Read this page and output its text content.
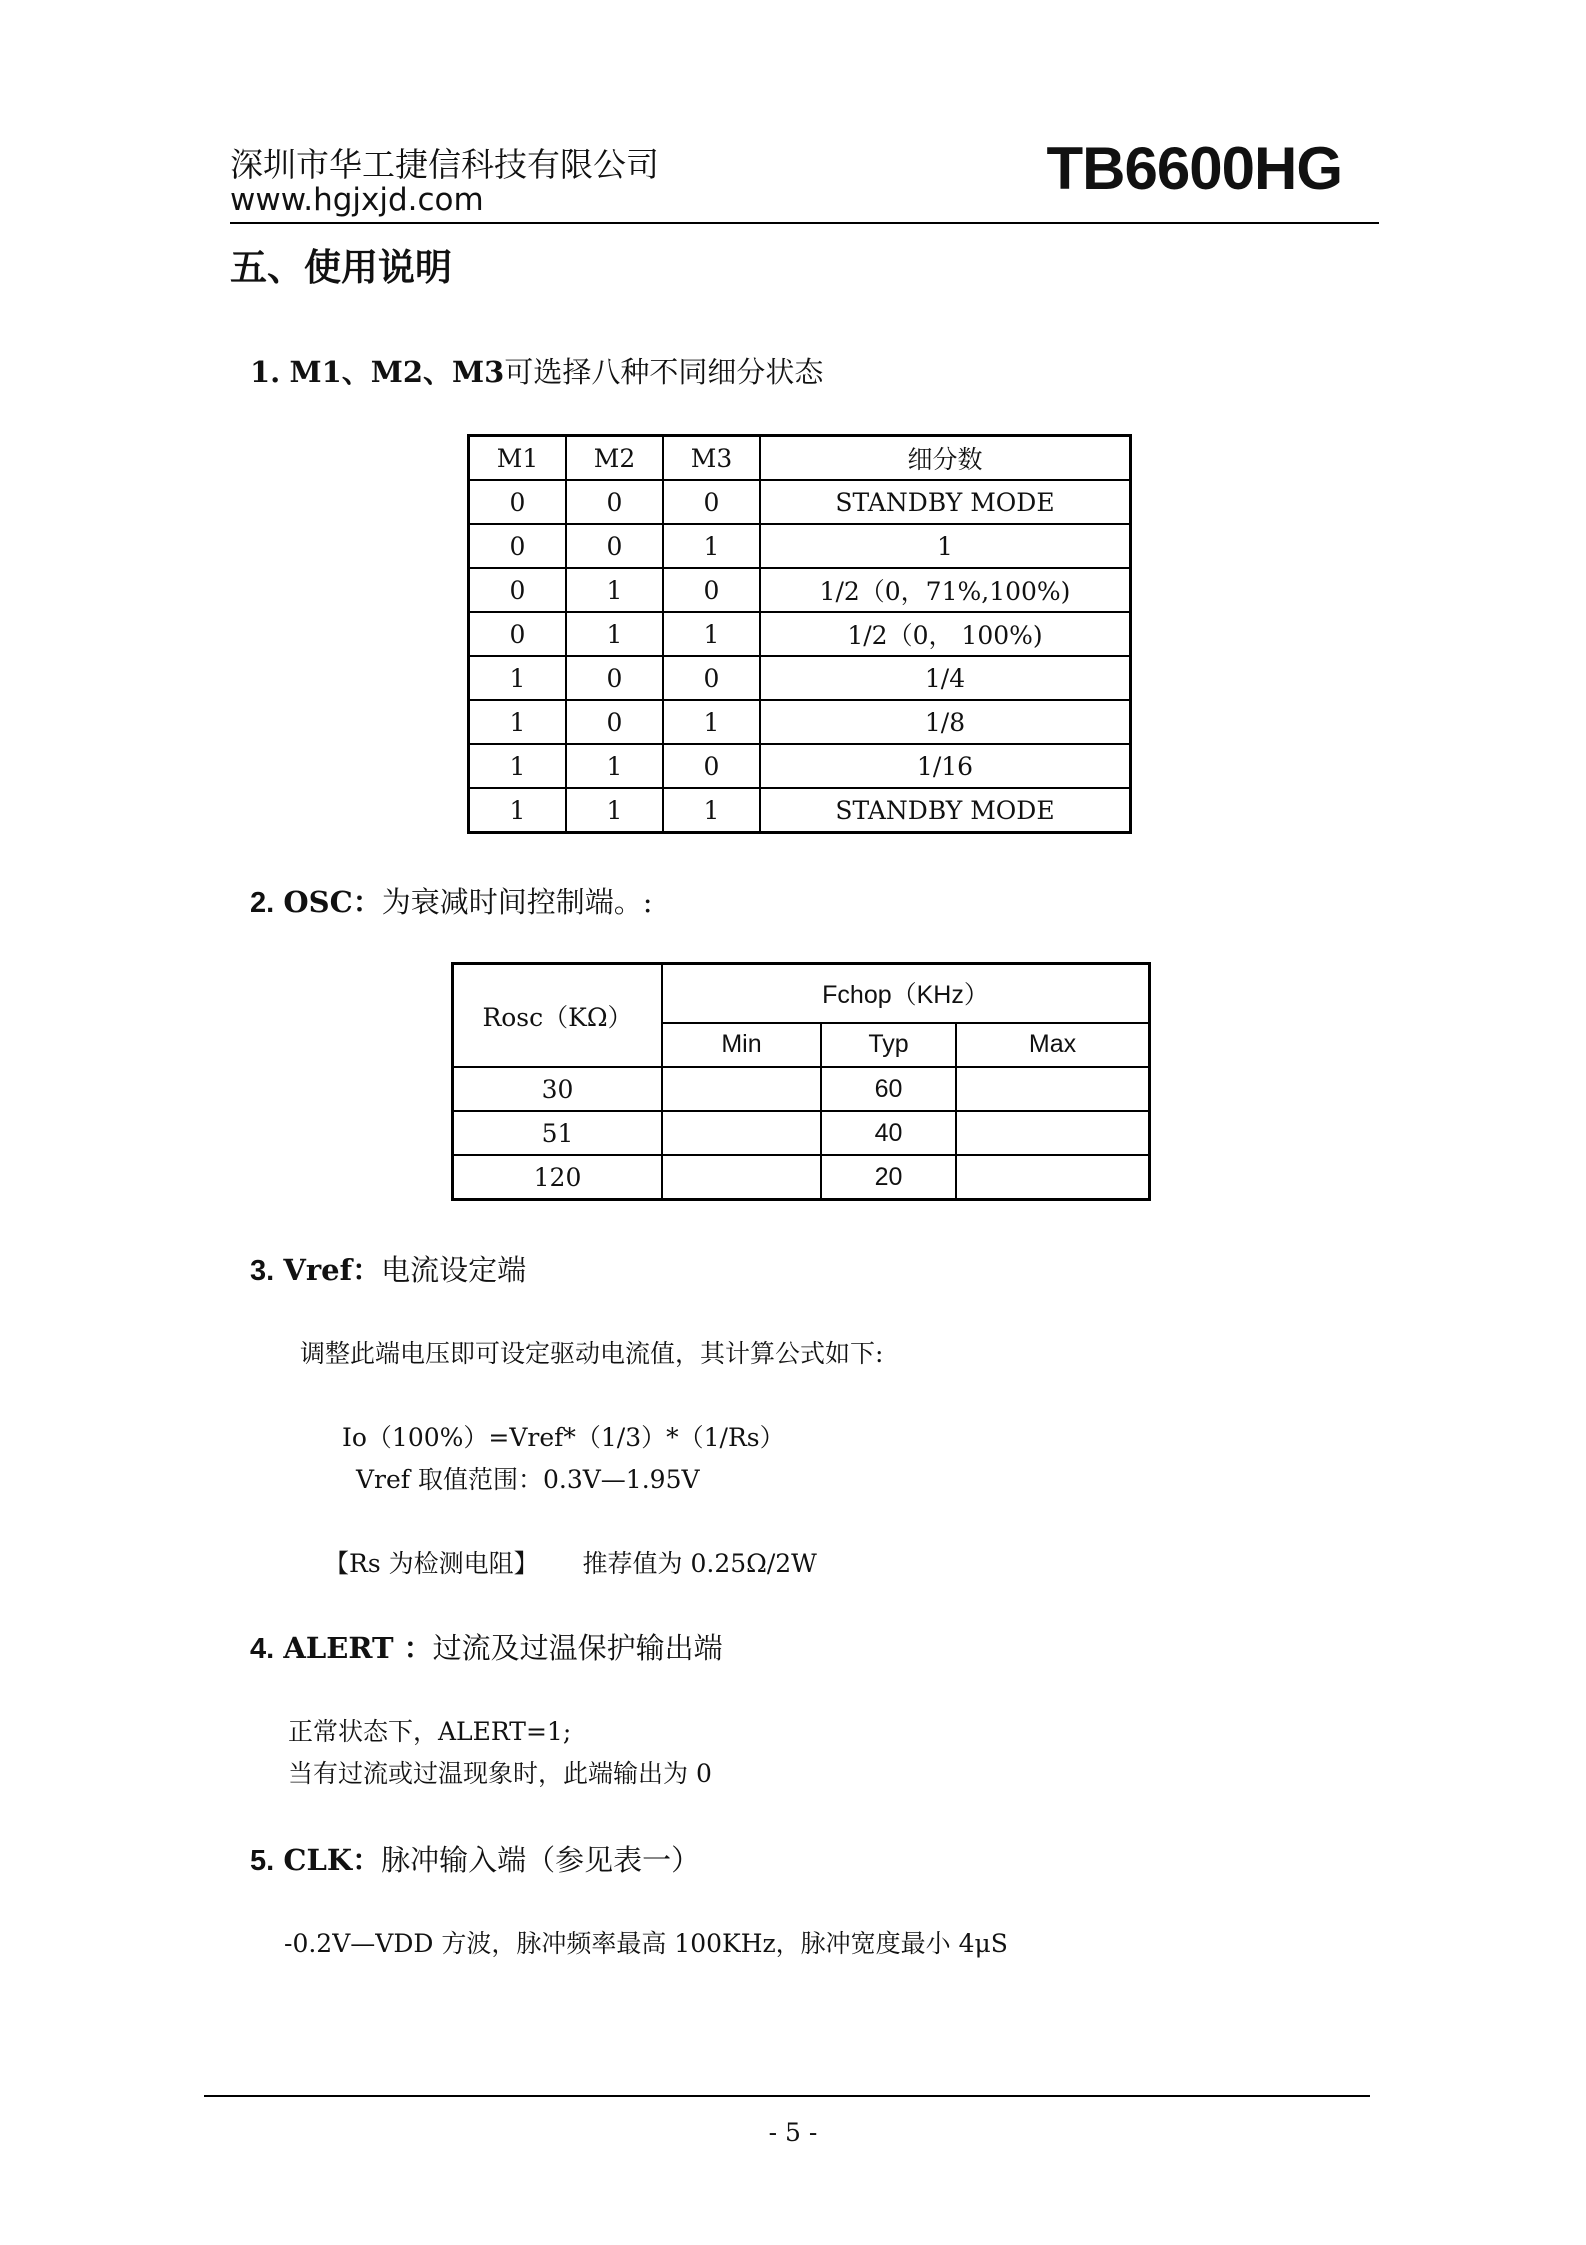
深圳市华工捷信科技有限公司
www.hgjxjd.com	TB6600HG
五、使用说明
1. M1、M2、M3可选择八种不同细分状态
M1	M2	M3	细分数
0	0	0	STANDBY MODE
0	0	1	1
0	1	0	1/2（0，71%,100%)
0	1	1	1/2（0， 100%)
1	0	0	1/4
1	0	1	1/8
1	1	0	1/16
1	1	1	STANDBY MODE
2. OSC：为衰减时间控制端。:
Rosc（KΩ）	Fchop（KHz）		
	Min	Typ	Max
30		60	
51		40	
120		20	
3. Vref：电流设定端
调整此端电压即可设定驱动电流值，其计算公式如下:
Io（100%）=Vref*（1/3）*（1/Rs）
Vref 取值范围：0.3V—1.95V
【Rs 为检测电阻】 推荐值为 0.25Ω/2W
4. ALERT ：过流及过温保护输出端
正常状态下，ALERT=1;
当有过流或过温现象时，此端输出为 0
5. CLK：脉冲输入端（参见表一）
-0.2V—VDD 方波，脉冲频率最高 100KHz，脉冲宽度最小 4μS
- 5 -
